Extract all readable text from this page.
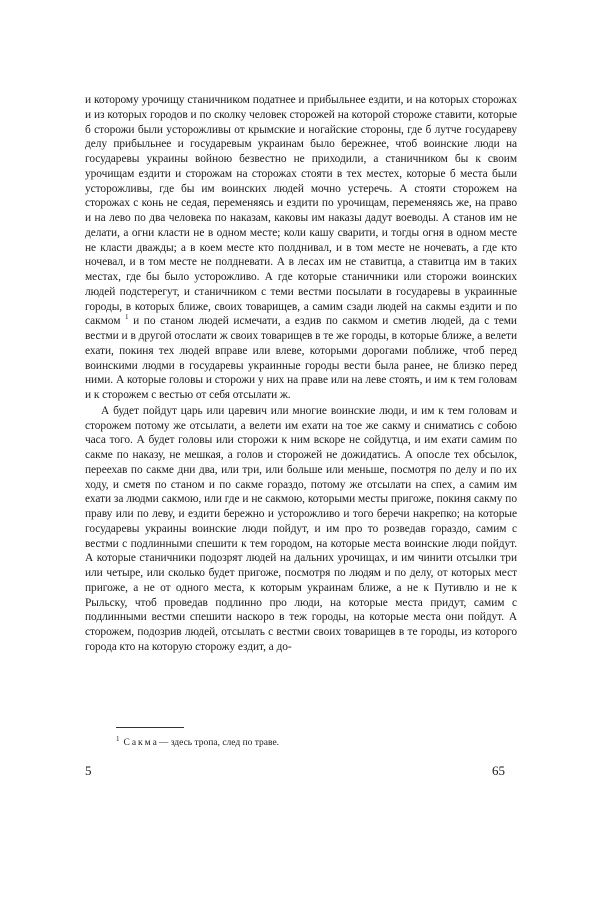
и которому урочищу станичником податнее и прибыльнее ездити, и на которых сторожах и из которых городов и по сколку человек сторожей на которой стороже ставити, которые б сторожи были усторожливы от крымские и ногайские стороны, где б лутче государеву делу прибыльнее и государевым украинам было бережнее, чтоб воинские люди на государевы украины войною безвестно не приходили, а станичником бы к своим урочищам ездити и сторожам на сторожах стояти в тех местех, которые б места были усторожливы, где бы им воинских людей мочно устеречь. А стояти сторожем на сторожах с конь не седая, переменяясь и ездити по урочищам, переменяясь же, на право и на лево по два человека по наказам, каковы им наказы дадут воеводы. А станов им не делати, а огни класти не в одном месте; коли кашу сварити, и тогды огня в одном месте не класти дважды; а в коем месте кто полднивал, и в том месте не ночевать, а где кто ночевал, и в том месте не полдневати. А в лесах им не ставитца, а ставитца им в таких местах, где бы было усторожливо. А где которые станичники или сторожи воинских людей подстерегут, и станичником с теми вестми посылати в государевы в украинные городы, в которых ближе, своих товарищев, а самим сзади людей на сакмы ездити и по сакмом $^1$ и по станом людей исмечати, а ездив по сакмом и сметив людей, да с теми вестми и в другой отослати ж своих товарищев в те же городы, в которые ближе, а велети ехати, покиня тех людей вправе или влеве, которыми дорогами поближе, чтоб перед воинскими людми в государевы украинные городы вести была ранее, не близко перед ними. А которые головы и сторожи у них на праве или на леве стоять, и им к тем головам и к сторожем с вестью от себя отсылати ж.

А будет пойдут царь или царевич или многие воинские люди, и им к тем головам и сторожем потому же отсылати, а велети им ехати на тое же сакму и сниматись с собою часа того. А будет головы или сторожи к ним вскоре не сойдутца, и им ехати самим по сакме по наказу, не мешкая, а голов и сторожей не дожидатись. А опосле тех обсылок, переехав по сакме дни два, или три, или больше или меньше, посмотря по делу и по их ходу, и сметя по станом и по сакме гораздо, потому же отсылати на спех, а самим им ехати за людми сакмою, или где и не сакмою, которыми месты пригоже, покиня сакму по праву или по леву, и ездити бережно и усторожливо и того беречи накрепко; на которые государевы украины воинские люди пойдут, и им про то розведав гораздо, самим с вестми с подлинными спешити к тем городом, на которые места воинские люди пойдут. А которые станичники подозрят людей на дальних урочищах, и им чинити отсылки три или четыре, или сколько будет пригоже, посмотря по людям и по делу, от которых мест пригоже, а не от одного места, к которым украинам ближе, а не к Путивлю и не к Рыльску, чтоб проведав подлинно про люди, на которые места придут, самим с подлинными вестми спешити наскоро в теж городы, на которые места они пойдут. А сторожем, подозрив людей, отсылать с вестми своих товарищев в те городы, из которого города кто на которую сторожу ездит, а до-

$^1$ Сакма— здесь тропа, след по траве.
5	65
